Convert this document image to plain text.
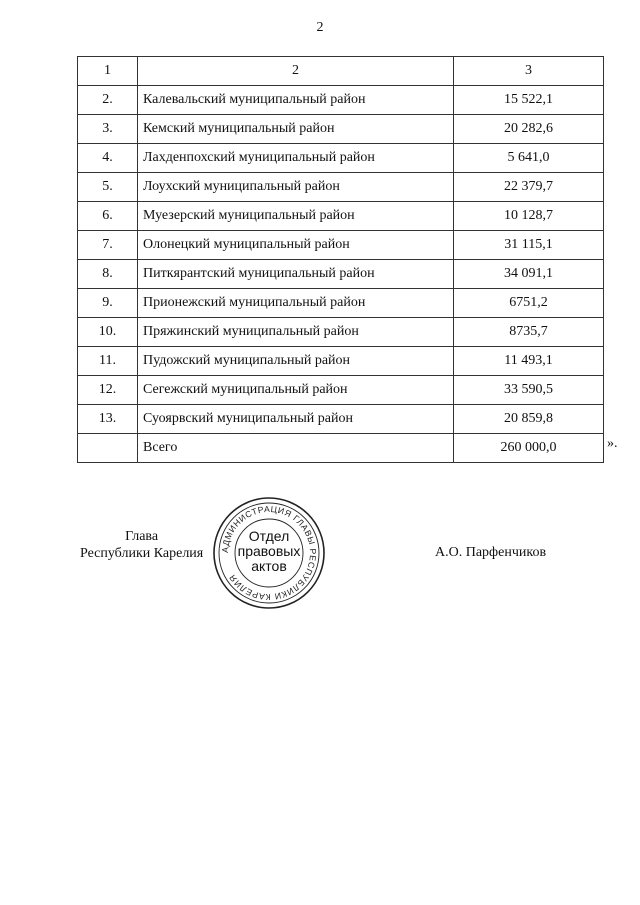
2
1	2	3
2.	Калевальский муниципальный район	15 522,1
3.	Кемский муниципальный район	20 282,6
4.	Лахденпохский муниципальный район	5 641,0
5.	Лоухский муниципальный район	22 379,7
6.	Муезерский муниципальный район	10 128,7
7.	Олонецкий муниципальный район	31 115,1
8.	Питкярантский муниципальный район	34 091,1
9.	Прионежский муниципальный район	6751,2
10.	Пряжинский муниципальный район	8735,7
11.	Пудожский муниципальный район	11 493,1
12.	Сегежский муниципальный район	33 590,5
13.	Суоярвский муниципальный район	20 859,8
	Всего	260 000,0	».
Глава
Республики Карелия АДМИНИСТРАЦИЯ ГЛАВЫ РЕСПУБЛИКИ КАРЕЛИЯ
Отдел
правовых
актов
А.О. Парфенчиков
